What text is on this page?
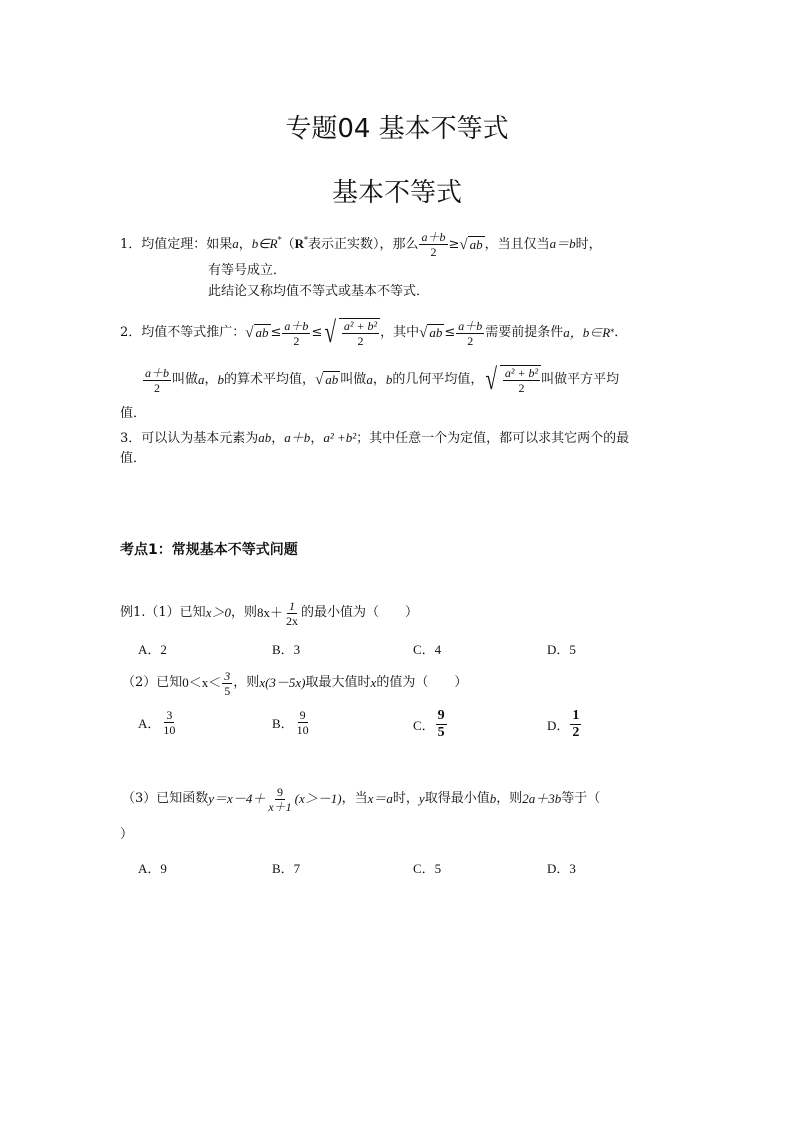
专题04 基本不等式
基本不等式
1．均值定理：如果a，b∈R*（R*表示正实数），那么 $\frac{a+b}{2}$ ≥√ ab ，当且仅当a＝b时，
有等号成立．
此结论又称均值不等式或基本不等式．
2．均值不等式推广： √ ab ≤ $\frac{a+b}{2}$ ≤ √ $\frac{\text{a² + b²}}{2}$ ，其中 √ ab ≤ $\frac{a+b}{2}$ 需要前提条件 a，b∈R * ．
$\frac{a+b}{2}$ 叫做 a ， b 的算术平均值， √ ab 叫做 a ， b 的几何平均值， √ $\frac{\text{a² + b²}}{2}$ 叫做平方平均
值．
3．可以认为基本元素为ab，a＋b，a² +b²；其中任意一个为定值，都可以求其它两个的最
值．
考点1：常规基本不等式问题
例1.（1）已知 x＞0 ，则 $8x+ \frac{1}{2x}$ 的最小值为（　　）
A．2	B．3	C．4	D．5
（2）已知 $0<x< \frac{3}{5}$ ，则 x(3－5x) 取最大值时 x 的值为（　　）
A． $\frac{3}{10}$	B． $\frac{9}{10}$	C． $\frac{9}{5}$	D． $\frac{1}{2}$
（3）已知函数 $y=x-4+ \frac{9}{x+1} (x>-1)$ ，当 x＝a 时， y 取得最小值 b ，则 2a＋3b 等于（
）
A．9	B．7	C．5	D．3
